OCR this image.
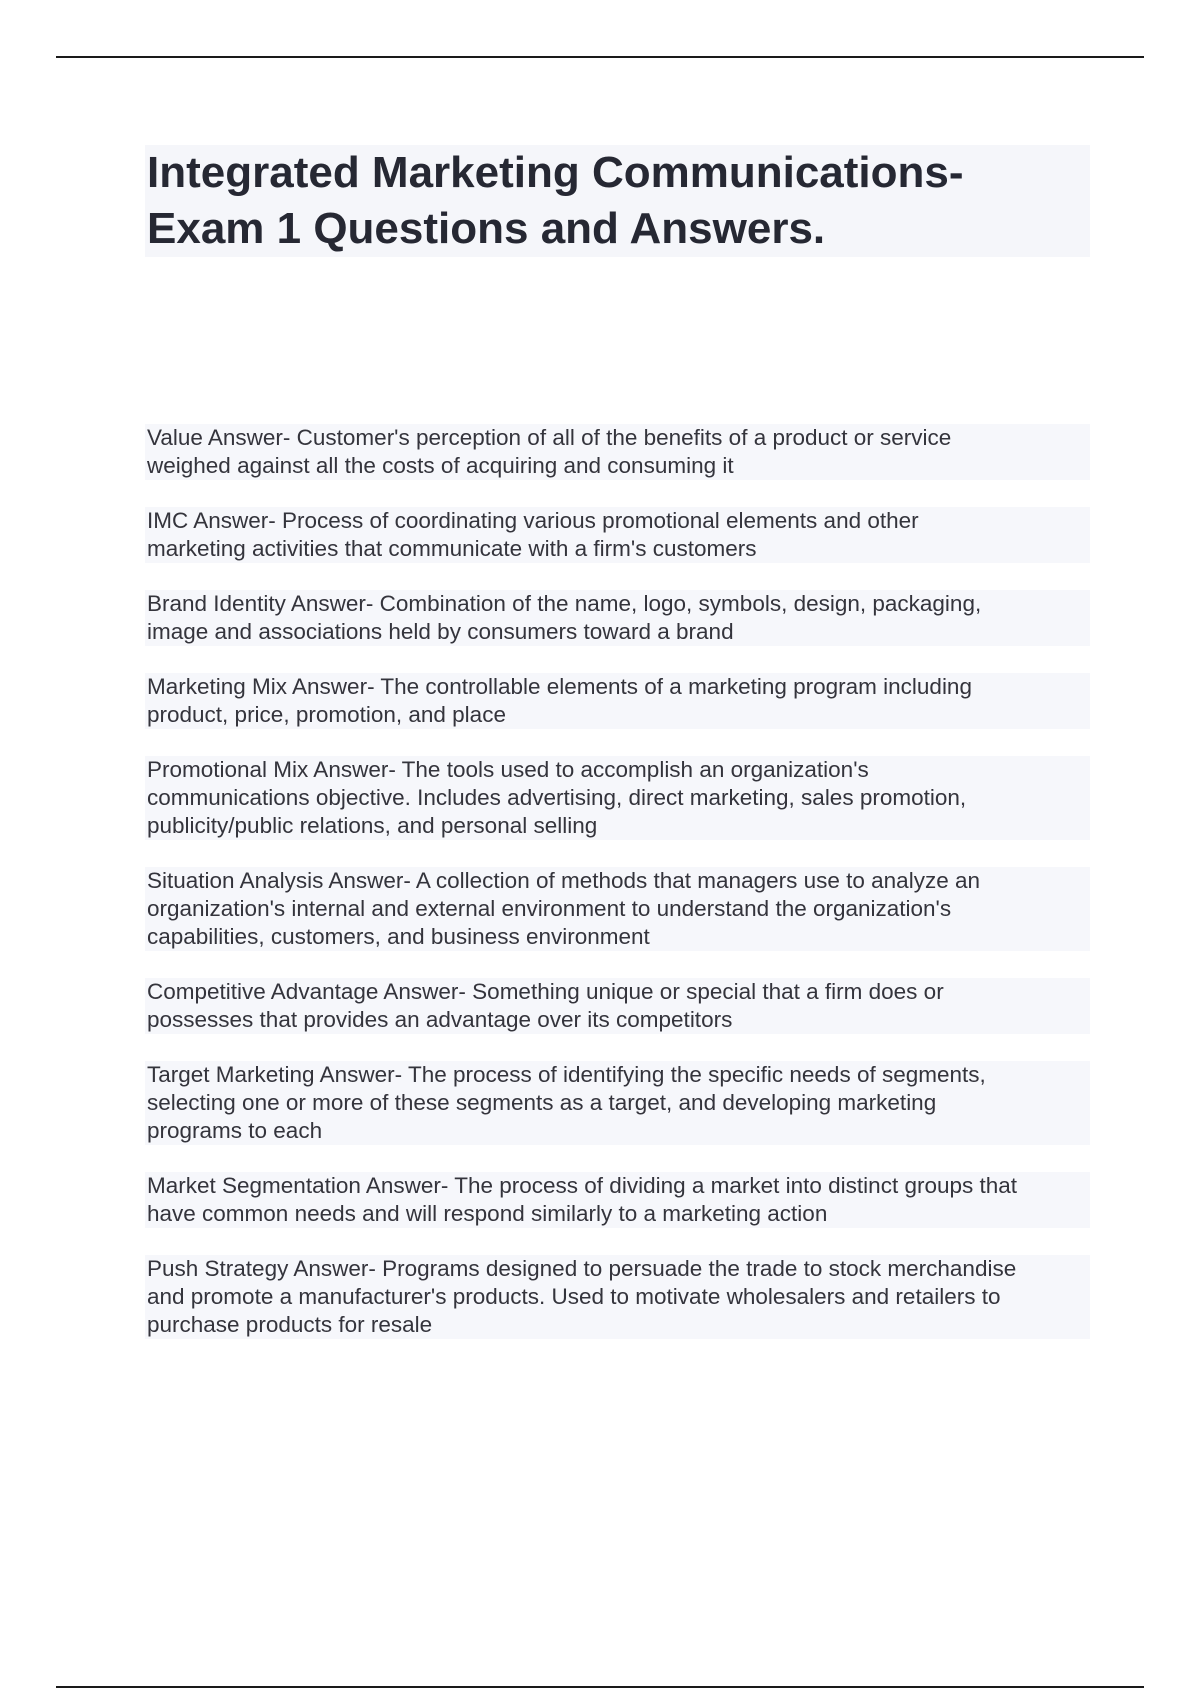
Integrated Marketing Communications-
Exam 1 Questions and Answers.

Value Answer- Customer's perception of all of the benefits of a product or service
weighed against all the costs of acquiring and consuming it

IMC Answer- Process of coordinating various promotional elements and other
marketing activities that communicate with a firm's customers

Brand Identity Answer- Combination of the name, logo, symbols, design, packaging,
image and associations held by consumers toward a brand

Marketing Mix Answer- The controllable elements of a marketing program including
product, price, promotion, and place

Promotional Mix Answer- The tools used to accomplish an organization's
communications objective. Includes advertising, direct marketing, sales promotion,
publicity/public relations, and personal selling

Situation Analysis Answer- A collection of methods that managers use to analyze an
organization's internal and external environment to understand the organization's
capabilities, customers, and business environment

Competitive Advantage Answer- Something unique or special that a firm does or
possesses that provides an advantage over its competitors

Target Marketing Answer- The process of identifying the specific needs of segments,
selecting one or more of these segments as a target, and developing marketing
programs to each

Market Segmentation Answer- The process of dividing a market into distinct groups that
have common needs and will respond similarly to a marketing action

Push Strategy Answer- Programs designed to persuade the trade to stock merchandise
and promote a manufacturer's products. Used to motivate wholesalers and retailers to
purchase products for resale
